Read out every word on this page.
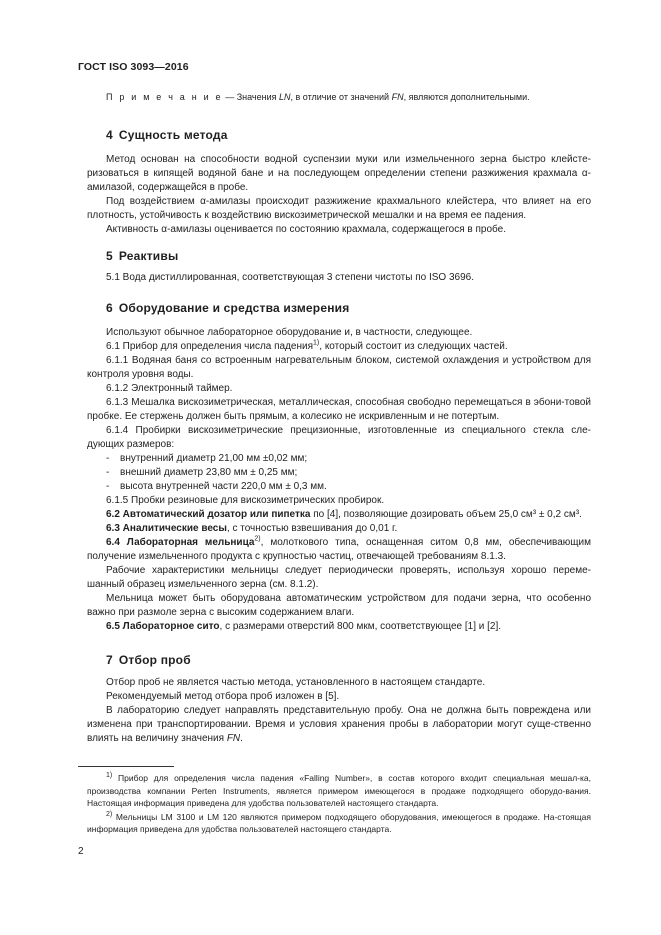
ГОСТ ISO 3093—2016
П р и м е ч а н и е — Значения LN, в отличие от значений FN, являются дополнительными.
4 Сущность метода

Метод основан на способности водной суспензии муки или измельченного зерна быстро клейсте-ризоваться в кипящей водяной бане и на последующем определении степени разжижения крахмала α-амилазой, содержащейся в пробе.

Под воздействием α-амилазы происходит разжижение крахмального клейстера, что влияет на его плотность, устойчивость к воздействию вискозиметрической мешалки и на время ее падения.

Активность α-амилазы оценивается по состоянию крахмала, содержащегося в пробе.

5 Реактивы

5.1 Вода дистиллированная, соответствующая 3 степени чистоты по ISO 3696.

6 Оборудование и средства измерения

Используют обычное лабораторное оборудование и, в частности, следующее.

6.1 Прибор для определения числа падения$^{1)}$, который состоит из следующих частей.

6.1.1 Водяная баня со встроенным нагревательным блоком, системой охлаждения и устройством для контроля уровня воды.

6.1.2 Электронный таймер.

6.1.3 Мешалка вискозиметрическая, металлическая, способная свободно перемещаться в эбони-товой пробке. Ее стержень должен быть прямым, а колесико не искривленным и не потертым.

6.1.4 Пробирки вискозиметрические прецизионные, изготовленные из специального стекла сле-дующих размеров:

- внутренний диаметр 21,00 мм ±0,02 мм;

- внешний диаметр 23,80 мм ± 0,25 мм;

- высота внутренней части 220,0 мм ± 0,3 мм.

6.1.5 Пробки резиновые для вискозиметрических пробирок.

6.2 Автоматический дозатор или пипетка по [4], позволяющие дозировать объем 25,0 см³ ± 0,2 см³.

6.3 Аналитические весы, с точностью взвешивания до 0,01 г.

6.4 Лабораторная мельница$^{2)}$, молоткового типа, оснащенная ситом 0,8 мм, обеспечивающим получение измельченного продукта с крупностью частиц, отвечающей требованиям 8.1.3.

Рабочие характеристики мельницы следует периодически проверять, используя хорошо переме-шанный образец измельченного зерна (см. 8.1.2).

Мельница может быть оборудована автоматическим устройством для подачи зерна, что особенно важно при размоле зерна с высоким содержанием влаги.

6.5 Лабораторное сито, с размерами отверстий 800 мкм, соответствующее [1] и [2].

7 Отбор проб

Отбор проб не является частью метода, установленного в настоящем стандарте.

Рекомендуемый метод отбора проб изложен в [5].

В лабораторию следует направлять представительную пробу. Она не должна быть повреждена или изменена при транспортировании. Время и условия хранения пробы в лаборатории могут суще-ственно влиять на величину значения FN.

$^{1)}$ Прибор для определения числа падения «Falling Number», в состав которого входит специальная мешал-ка, производства компании Perten Instruments, является примером имеющегося в продаже подходящего оборудо-вания. Настоящая информация приведена для удобства пользователей настоящего стандарта.

$^{2)}$ Мельницы LM 3100 и LM 120 являются примером подходящего оборудования, имеющегося в продаже. На-стоящая информация приведена для удобства пользователей настоящего стандарта.

2
